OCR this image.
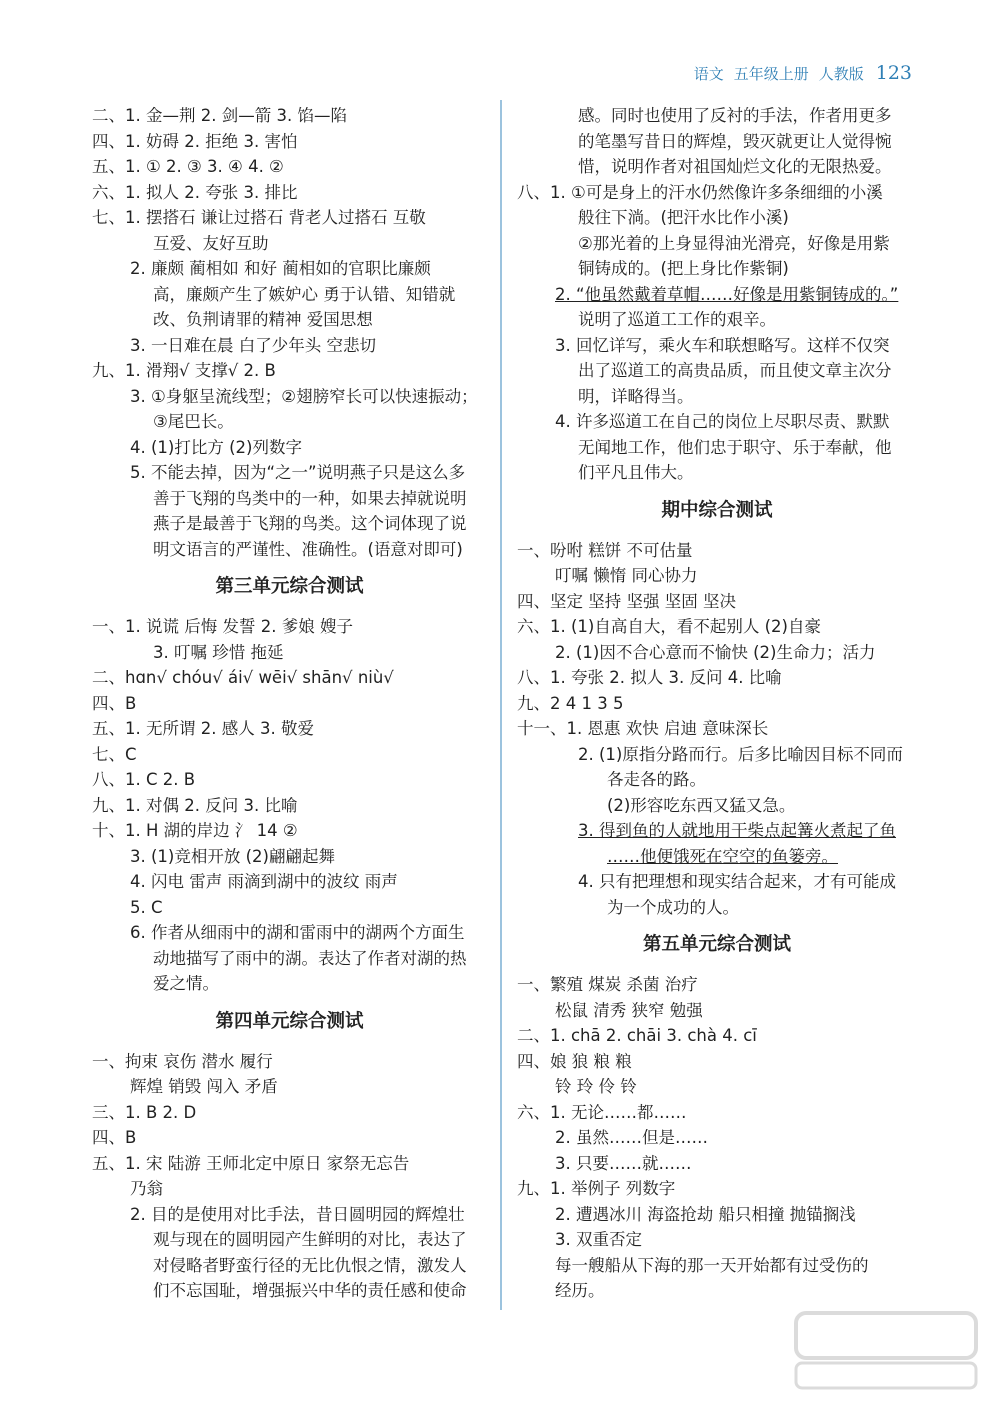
语文 五年级上册 人教版 123
二、1. 金—荆 2. 剑—箭 3. 馅—陷
四、1. 妨碍 2. 拒绝 3. 害怕
五、1. ① 2. ③ 3. ④ 4. ②
六、1. 拟人 2. 夸张 3. 排比
七、1. 摆搭石 谦让过搭石 背老人过搭石 互敬
互爱、友好互助
2. 廉颇 蔺相如 和好 蔺相如的官职比廉颇
高，廉颇产生了嫉妒心 勇于认错、知错就
改、负荆请罪的精神 爱国思想
3. 一日难在晨 白了少年头 空悲切
九、1. 滑翔√ 支撑√ 2. B
3. ①身躯呈流线型；②翅膀窄长可以快速振动；
③尾巴长。
4. (1)打比方 (2)列数字
5. 不能去掉，因为“之一”说明燕子只是这么多
善于飞翔的鸟类中的一种，如果去掉就说明
燕子是最善于飞翔的鸟类。这个词体现了说
明文语言的严谨性、准确性。(语意对即可)
第三单元综合测试
一、1. 说谎 后悔 发誓 2. 爹娘 嫂子
3. 叮嘱 珍惜 拖延
二、hɑn√ chóu√ ái√ wēi√ shān√ niù√
四、B
五、1. 无所谓 2. 感人 3. 敬爱
七、C
八、1. C 2. B
九、1. 对偶 2. 反问 3. 比喻
十、1. H 湖的岸边 氵 14 ②
3. (1)竞相开放 (2)翩翩起舞
4. 闪电 雷声 雨滴到湖中的波纹 雨声
5. C
6. 作者从细雨中的湖和雷雨中的湖两个方面生
动地描写了雨中的湖。表达了作者对湖的热
爱之情。
第四单元综合测试
一、拘束 哀伤 潜水 履行
辉煌 销毁 闯入 矛盾
三、1. B 2. D
四、B
五、1. 宋 陆游 王师北定中原日 家祭无忘告
乃翁
2. 目的是使用对比手法，昔日圆明园的辉煌壮
观与现在的圆明园产生鲜明的对比，表达了
对侵略者野蛮行径的无比仇恨之情，激发人
们不忘国耻，增强振兴中华的责任感和使命
感。同时也使用了反衬的手法，作者用更多
的笔墨写昔日的辉煌，毁灭就更让人觉得惋
惜，说明作者对祖国灿烂文化的无限热爱。
八、1. ①可是身上的汗水仍然像许多条细细的小溪
般往下淌。(把汗水比作小溪)
②那光着的上身显得油光滑亮，好像是用紫
铜铸成的。(把上身比作紫铜)
2. “他虽然戴着草帽……好像是用紫铜铸成的。”
说明了巡道工工作的艰辛。
3. 回忆详写，乘火车和联想略写。这样不仅突
出了巡道工的高贵品质，而且使文章主次分
明，详略得当。
4. 许多巡道工在自己的岗位上尽职尽责、默默
无闻地工作，他们忠于职守、乐于奉献，他
们平凡且伟大。
期中综合测试
一、吩咐 糕饼 不可估量
叮嘱 懒惰 同心协力
四、坚定 坚持 坚强 坚固 坚决
六、1. (1)自高自大，看不起别人 (2)自豪
2. (1)因不合心意而不愉快 (2)生命力；活力
八、1. 夸张 2. 拟人 3. 反问 4. 比喻
九、2 4 1 3 5
十一、1. 恩惠 欢快 启迪 意味深长
2. (1)原指分路而行。后多比喻因目标不同而
各走各的路。
(2)形容吃东西又猛又急。
3. 得到鱼的人就地用干柴点起篝火煮起了鱼
……他便饿死在空空的鱼篓旁。
4. 只有把理想和现实结合起来，才有可能成
为一个成功的人。
第五单元综合测试
一、繁殖 煤炭 杀菌 治疗
松鼠 清秀 狭窄 勉强
二、1. chā 2. chāi 3. chà 4. cī
四、娘 狼 粮 粮
铃 玲 伶 铃
六、1. 无论……都……
2. 虽然……但是……
3. 只要……就……
九、1. 举例子 列数字
2. 遭遇冰川 海盗抢劫 船只相撞 抛锚搁浅
3. 双重否定
每一艘船从下海的那一天开始都有过受伤的
经历。
